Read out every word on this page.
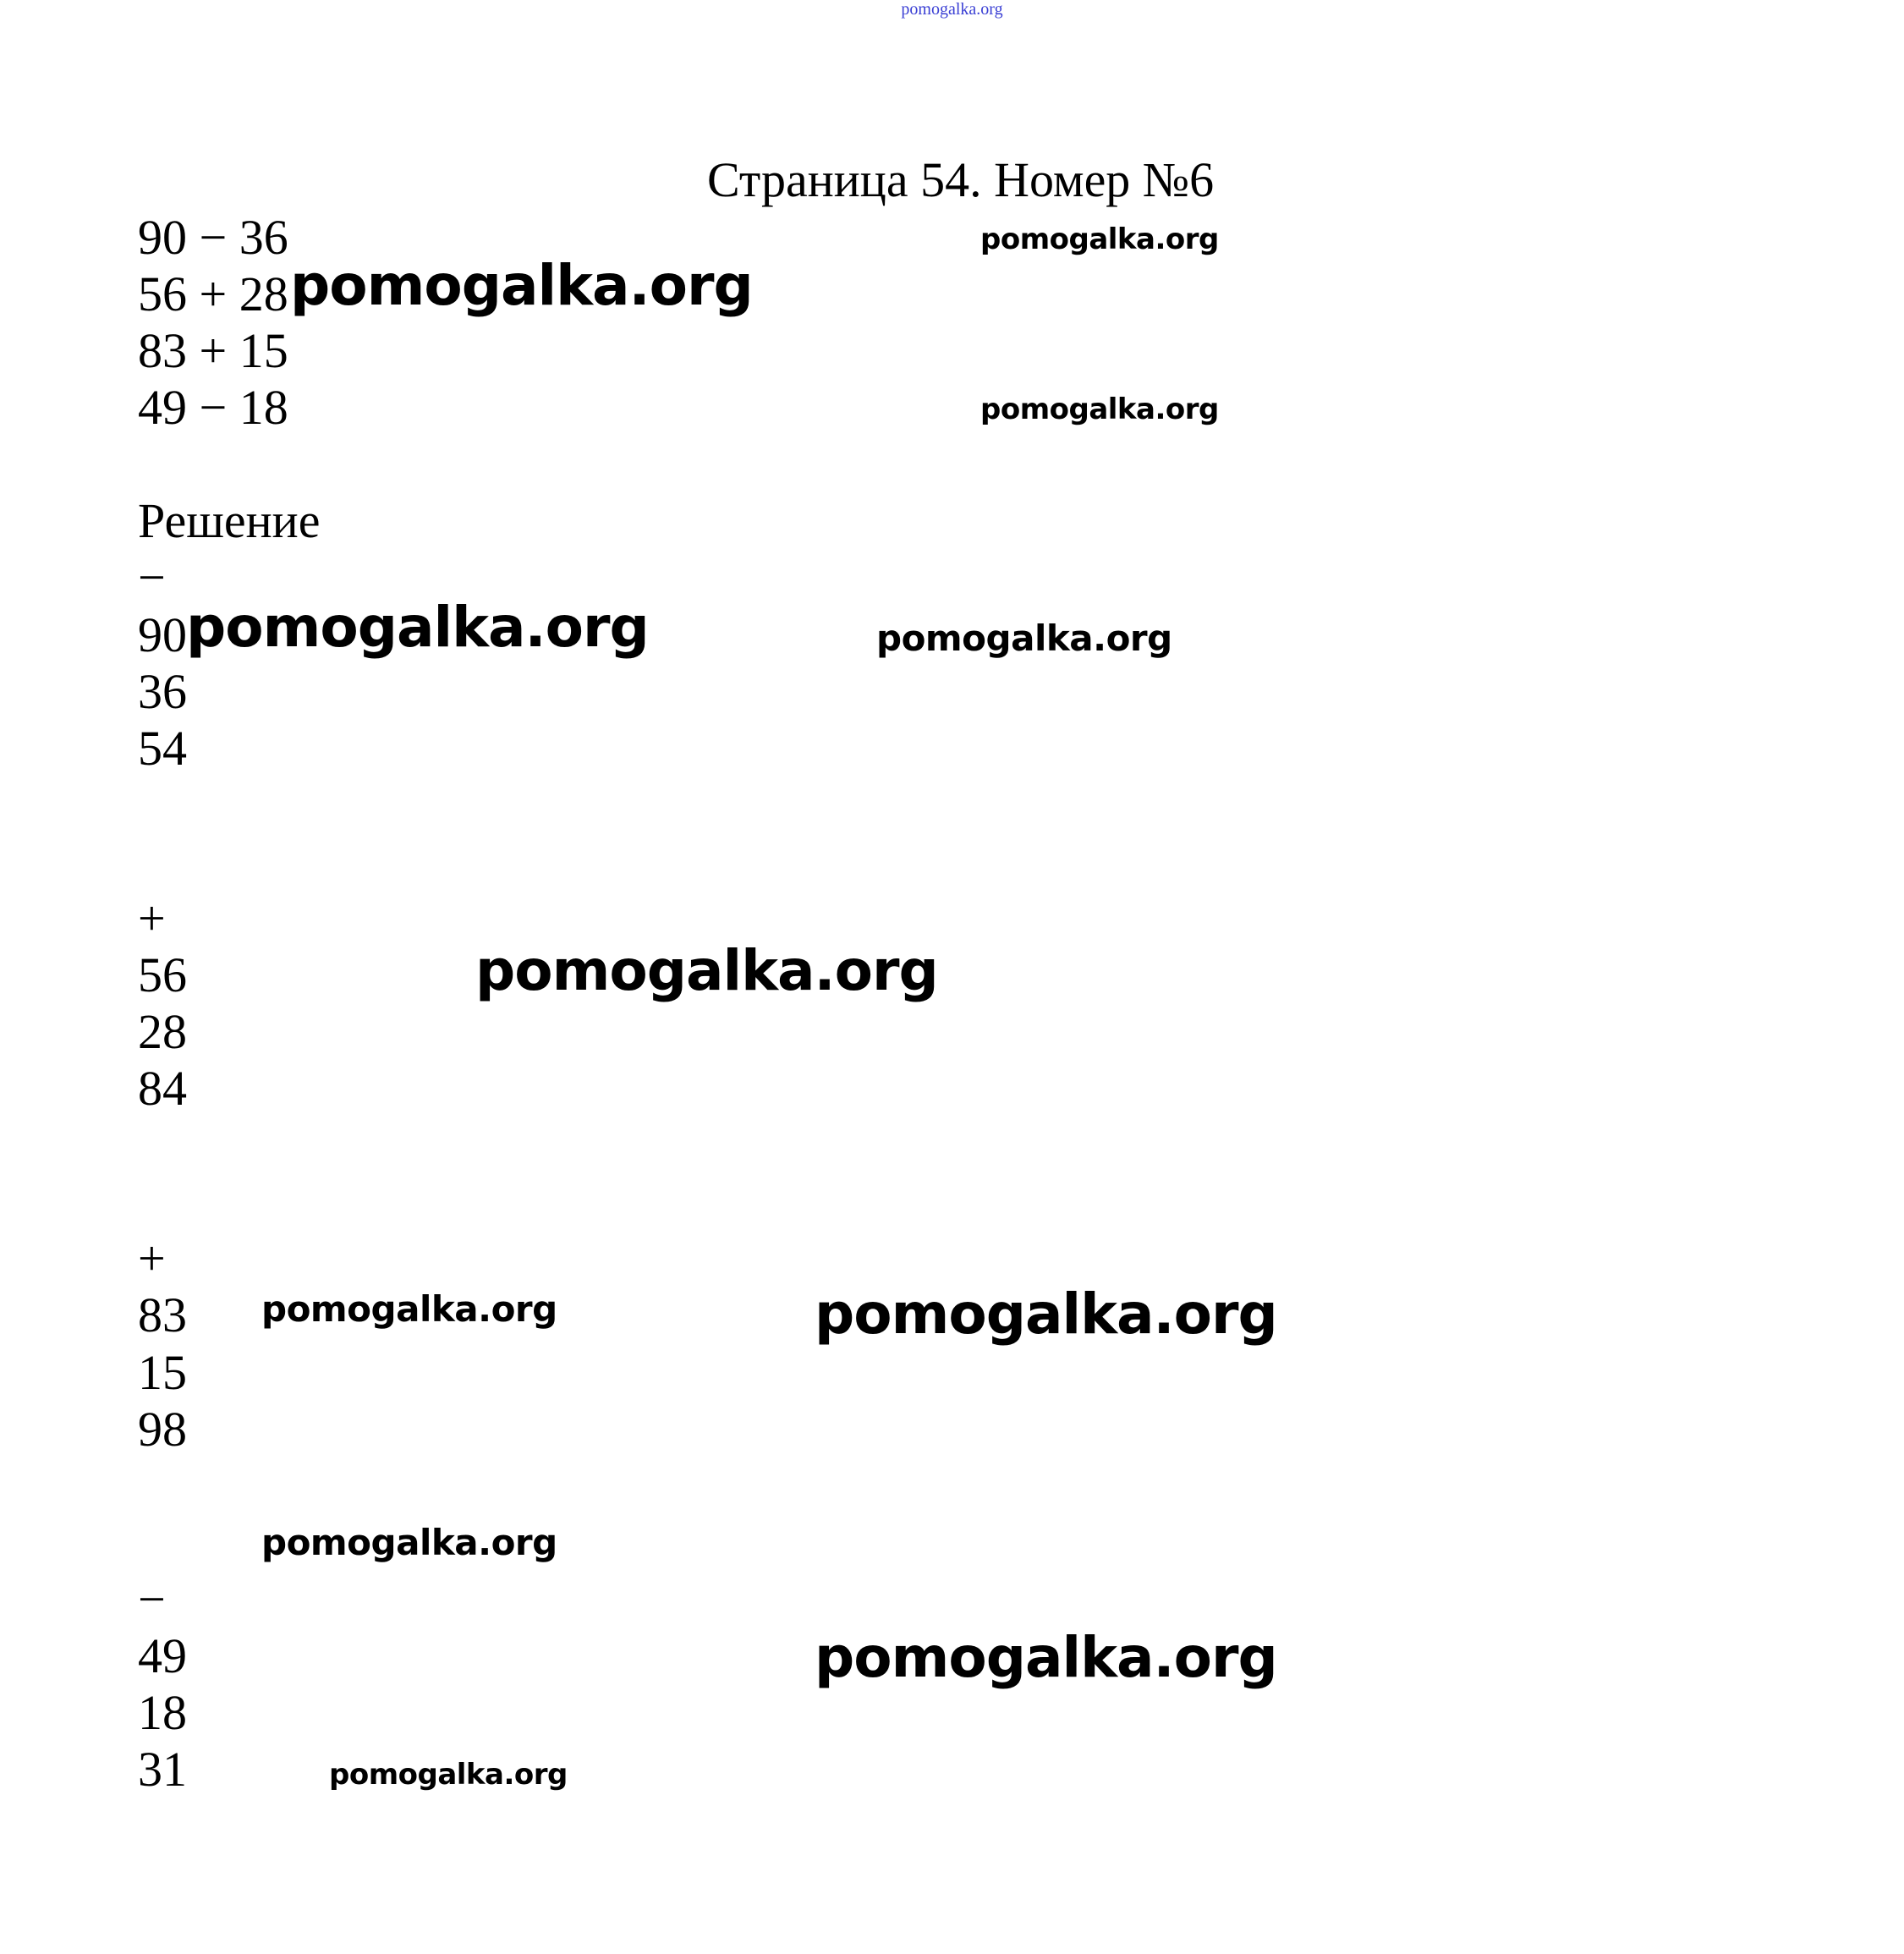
pomogalka.org
Страница 54. Номер №6
90 − 36
56 + 28
83 + 15
49 − 18
Решение
−
90
36
54
+
56
28
84
+
83
15
98
−
49
18
31
pomogalka.org
pomogalka.org
pomogalka.org
pomogalka.org	pomogalka.org
pomogalka.org
pomogalka.org	pomogalka.org
pomogalka.org
pomogalka.org
pomogalka.org
pomogalka.org
